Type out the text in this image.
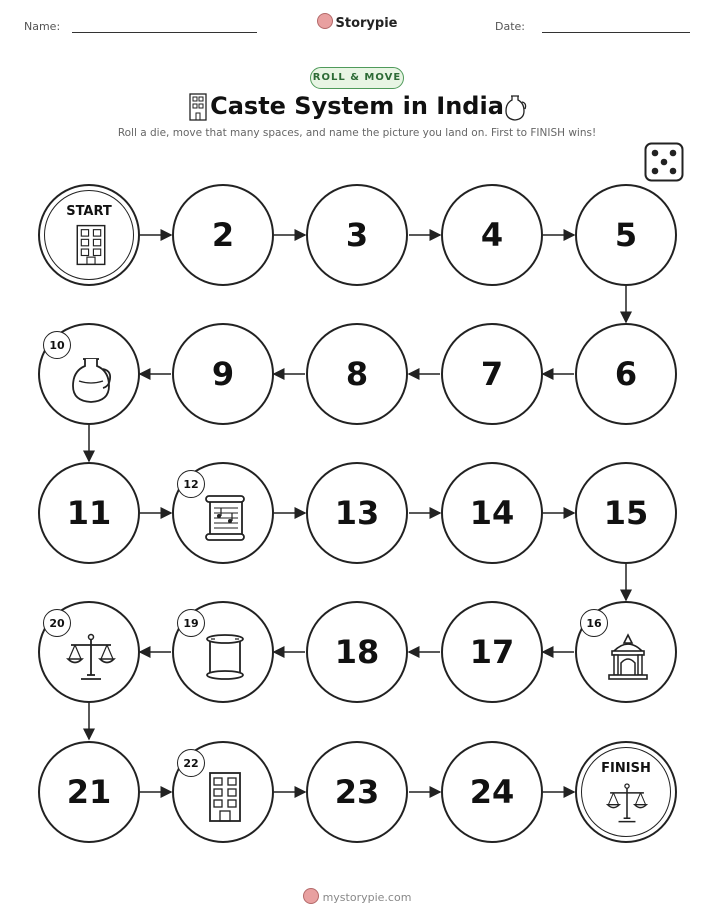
Name:	Storypie	Date:
ROLL & MOVE
Caste System in India
Roll a die, move that many spaces, and name the picture you land on. First to FINISH wins!
START
2	3	4	5
6
7
8
9
10
11
12
13	14	15
16
17
18
19
20
21
22
23	24
FINISH
mystorypie.com
